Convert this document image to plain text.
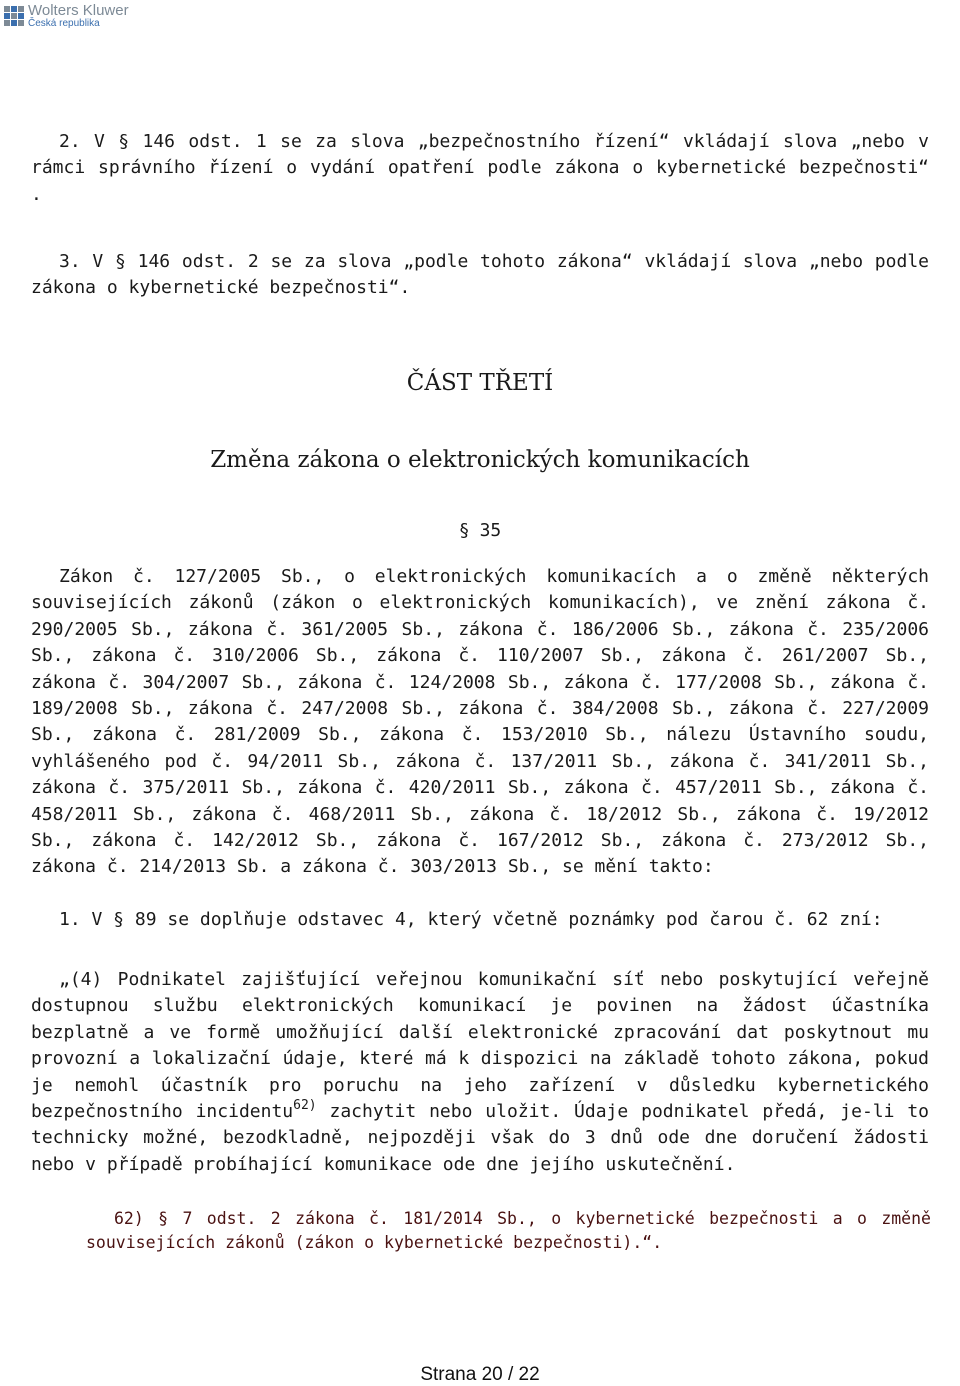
Wolters Kluwer
Česká republika

2. V § 146 odst. 1 se za slova „bezpečnostního řízení“ vkládají slova „nebo v rámci správního řízení o vydání opatření podle zákona o kybernetické bezpečnosti“ .

3. V § 146 odst. 2 se za slova „podle tohoto zákona“ vkládají slova „nebo podle zákona o kybernetické bezpečnosti“.

ČÁST TŘETÍ

Změna zákona o elektronických komunikacích

§ 35

Zákon č. 127/2005 Sb., o elektronických komunikacích a o změně některých souvisejících zákonů (zákon o elektronických komunikacích), ve znění zákona č. 290/2005 Sb., zákona č. 361/2005 Sb., zákona č. 186/2006 Sb., zákona č. 235/2006 Sb., zákona č. 310/2006 Sb., zákona č. 110/2007 Sb., zákona č. 261/2007 Sb., zákona č. 304/2007 Sb., zákona č. 124/2008 Sb., zákona č. 177/2008 Sb., zákona č. 189/2008 Sb., zákona č. 247/2008 Sb., zákona č. 384/2008 Sb., zákona č. 227/2009 Sb., zákona č. 281/2009 Sb., zákona č. 153/2010 Sb., nálezu Ústavního soudu, vyhlášeného pod č. 94/2011 Sb., zákona č. 137/2011 Sb., zákona č. 341/2011 Sb., zákona č. 375/2011 Sb., zákona č. 420/2011 Sb., zákona č. 457/2011 Sb., zákona č. 458/2011 Sb., zákona č. 468/2011 Sb., zákona č. 18/2012 Sb., zákona č. 19/2012 Sb., zákona č. 142/2012 Sb., zákona č. 167/2012 Sb., zákona č. 273/2012 Sb., zákona č. 214/2013 Sb. a zákona č. 303/2013 Sb., se mění takto:

1. V § 89 se doplňuje odstavec 4, který včetně poznámky pod čarou č. 62 zní:

„(4) Podnikatel zajišťující veřejnou komunikační síť nebo poskytující veřejně dostupnou službu elektronických komunikací je povinen na žádost účastníka bezplatně a ve formě umožňující další elektronické zpracování dat poskytnout mu provozní a lokalizační údaje, které má k dispozici na základě tohoto zákona, pokud je nemohl účastník pro poruchu na jeho zařízení v důsledku kybernetického bezpečnostního incidentu$^{62)}$ zachytit nebo uložit. Údaje podnikatel předá, je-li to technicky možné, bezodkladně, nejpozději však do 3 dnů ode dne doručení žádosti nebo v případě probíhající komunikace ode dne jejího uskutečnění.

62) § 7 odst. 2 zákona č. 181/2014 Sb., o kybernetické bezpečnosti a o změně souvisejících zákonů (zákon o kybernetické bezpečnosti).“.

Strana 20 / 22
